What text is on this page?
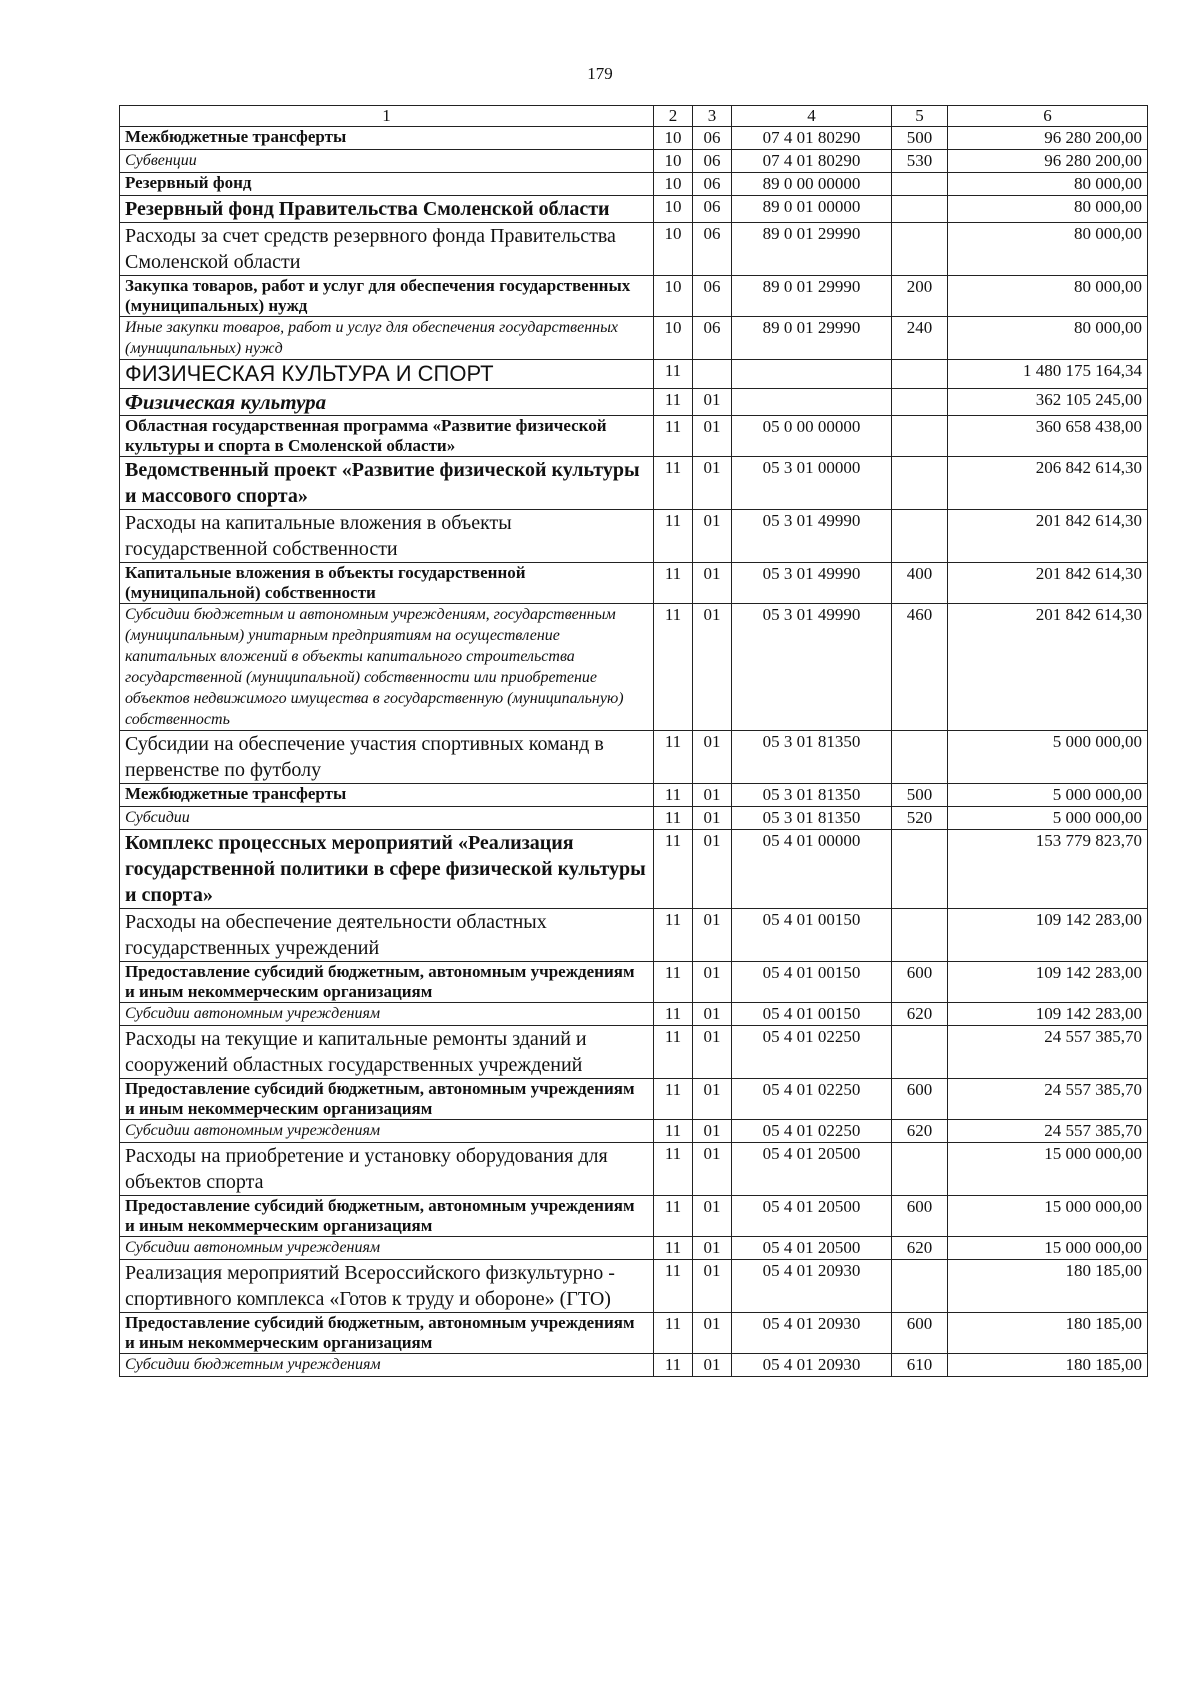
179
1	2	3	4	5	6
Межбюджетные трансферты	10	06	07 4 01 80290	500	96 280 200,00
Субвенции	10	06	07 4 01 80290	530	96 280 200,00
Резервный фонд	10	06	89 0 00 00000		80 000,00
Резервный фонд Правительства Смоленской области	10	06	89 0 01 00000		80 000,00
Расходы за счет средств резервного фонда Правительства Смоленской области	10	06	89 0 01 29990		80 000,00
Закупка товаров, работ и услуг для обеспечения государственных (муниципальных) нужд	10	06	89 0 01 29990	200	80 000,00
Иные закупки товаров, работ и услуг для обеспечения государственных (муниципальных) нужд	10	06	89 0 01 29990	240	80 000,00
ФИЗИЧЕСКАЯ КУЛЬТУРА И СПОРТ	11				1 480 175 164,34
Физическая культура	11	01			362 105 245,00
Областная государственная программа «Развитие физической культуры и спорта в Смоленской области»	11	01	05 0 00 00000		360 658 438,00
Ведомственный проект «Развитие физической культуры и массового спорта»	11	01	05 3 01 00000		206 842 614,30
Расходы на капитальные вложения в объекты государственной собственности	11	01	05 3 01 49990		201 842 614,30
Капитальные вложения в объекты государственной (муниципальной) собственности	11	01	05 3 01 49990	400	201 842 614,30
Субсидии бюджетным и автономным учреждениям, государственным (муниципальным) унитарным предприятиям на осуществление капитальных вложений в объекты капитального строительства государственной (муниципальной) собственности или приобретение объектов недвижимого имущества в государственную (муниципальную) собственность	11	01	05 3 01 49990	460	201 842 614,30
Субсидии на обеспечение участия спортивных команд в первенстве по футболу	11	01	05 3 01 81350		5 000 000,00
Межбюджетные трансферты	11	01	05 3 01 81350	500	5 000 000,00
Субсидии	11	01	05 3 01 81350	520	5 000 000,00
Комплекс процессных мероприятий «Реализация государственной политики в сфере физической культуры и спорта»	11	01	05 4 01 00000		153 779 823,70
Расходы на обеспечение деятельности областных государственных учреждений	11	01	05 4 01 00150		109 142 283,00
Предоставление субсидий бюджетным, автономным учреждениям и иным некоммерческим организациям	11	01	05 4 01 00150	600	109 142 283,00
Субсидии автономным учреждениям	11	01	05 4 01 00150	620	109 142 283,00
Расходы на текущие и капитальные ремонты зданий и сооружений областных государственных учреждений	11	01	05 4 01 02250		24 557 385,70
Предоставление субсидий бюджетным, автономным учреждениям и иным некоммерческим организациям	11	01	05 4 01 02250	600	24 557 385,70
Субсидии автономным учреждениям	11	01	05 4 01 02250	620	24 557 385,70
Расходы на приобретение и установку оборудования для объектов спорта	11	01	05 4 01 20500		15 000 000,00
Предоставление субсидий бюджетным, автономным учреждениям и иным некоммерческим организациям	11	01	05 4 01 20500	600	15 000 000,00
Субсидии автономным учреждениям	11	01	05 4 01 20500	620	15 000 000,00
Реализация мероприятий Всероссийского физкультурно - спортивного комплекса «Готов к труду и обороне» (ГТО)	11	01	05 4 01 20930		180 185,00
Предоставление субсидий бюджетным, автономным учреждениям и иным некоммерческим организациям	11	01	05 4 01 20930	600	180 185,00
Субсидии бюджетным учреждениям	11	01	05 4 01 20930	610	180 185,00
